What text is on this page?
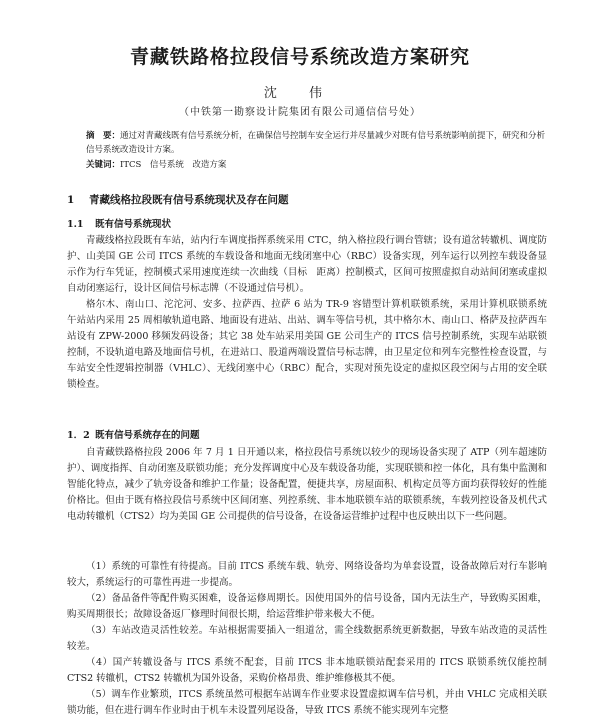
青藏铁路格拉段信号系统改造方案研究
沈 伟
（中铁第一勘察设计院集团有限公司通信信号处）
摘　要：通过对青藏线既有信号系统分析，在确保信号控制车安全运行并尽量减少对既有信号系统影响前提下，研究和分析信号系统改造设计方案。
关键词：ITCS　信号系统　改造方案
1 青藏线格拉段既有信号系统现状及存在问题
1.1 既有信号系统现状

青藏线格拉段既有车站，站内行车调度指挥系统采用 CTC，纳入格拉段行调台管辖；设有道岔转辙机、调度防护、山美国 GE 公司 ITCS 系统的车载设备和地面无线闭塞中心（RBC）设备实现，列车运行以列控车载设备显示作为行车凭证，控制模式采用速度连续一次曲线（目标　距离）控制模式，区间可按照虚拟自动站间闭塞或虚拟自动闭塞运行，设计区间信号标志牌（不设通过信号机）。

格尔木、南山口、沱沱河、安多、拉萨西、拉萨 6 站为 TR-9 容错型计算机联锁系统，采用计算机联锁系统 午站站内采用 25 周相敏轨道电路、地面设有进站、出站、调车等信号机，其中格尔木、南山口、格萨及拉萨西车站设有 ZPW-2000 移频发码设备；其它 38 处车站采用美国 GE 公司生产的 ITCS 信号控制系统，实现车站联锁控制，不设轨道电路及地面信号机，在进站口、股道两端设置信号标志牌，由卫星定位和列车完整性检查设置，与车站安全性逻辑控制器（VHLC）、无线闭塞中心（RBC）配合，实现对预先设定的虚拟区段空闲与占用的安全联锁检查。

1．2 既有信号系统存在的问题

自青藏铁路格拉段 2006 年 7 月 1 日开通以来，格拉段信号系统以较少的现场设备实现了 ATP（列车超速防护）、调度指挥、自动闭塞及联锁功能；充分发挥调度中心及车载设备功能，实现联锁和控一体化，具有集中监测和智能化特点，减少了轨旁设备和维护工作量；设备配置，便捷共享，房屋面积、机构定员等方面均获得较好的性能价格比。但由于既有格拉段信号系统中区间闭塞、列控系统、非本地联锁车站的联锁系统，车载列控设备及机代式电动转辙机（CTS2）均为美国 GE 公司提供的信号设备，在设备运营维护过程中也反映出以下一些问题。

（1）系统的可靠性有待提高。目前 ITCS 系统车载、轨旁、网络设备均为单套设置，设备故障后对行车影响较大，系统运行的可靠性再进一步提高。

（2）备品备件等配件购买困难，设备运修周期长。因使用国外的信号设备，国内无法生产，导致购买困难，购买周期很长；故障设备返厂修理时间很长期，给运营维护带来极大不便。

（3）车站改造灵活性较差。车站根据需要插入一组道岔，需全线数据系统更新数据，导致车站改造的灵活性较差。

（4）国产转辙设备与 ITCS 系统不配套，目前 ITCS 非本地联锁站配套采用的 ITCS 联锁系统仅能控制 CTS2 转辙机，CTS2 转辙机为国外设备，采购价格昂贵、维护维修极其不便。

（5）调车作业繁琐，ITCS 系统虽然可根据车站调车作业要求设置虚拟调车信号机，并由 VHLC 完成相关联锁功能，但在进行调车作业时由于机车未设置列尾设备，导致 ITCS 系统不能实现列车完整
